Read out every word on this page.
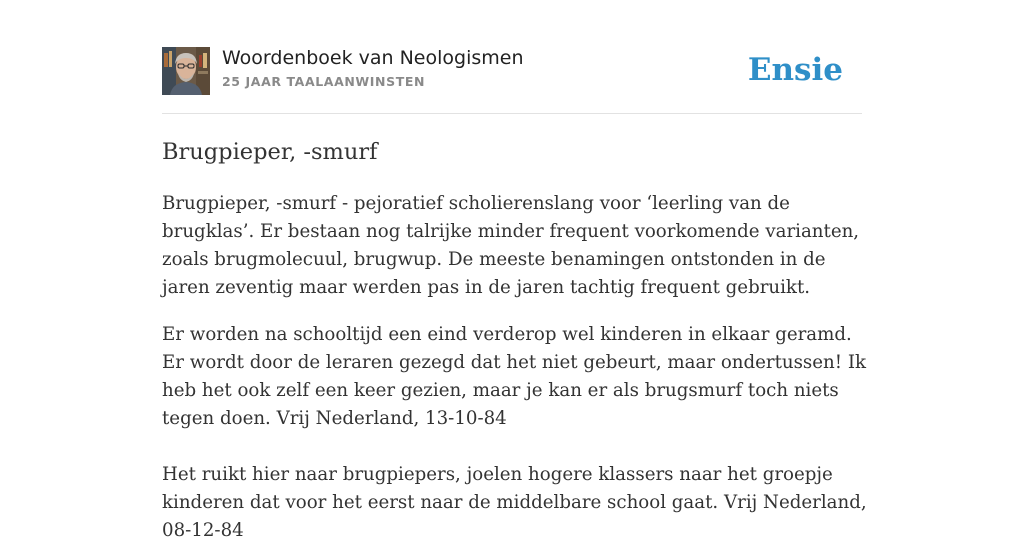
Woordenboek van Neologismen
25 JAAR TAALAANWINSTEN	Ensie
Brugpieper, -smurf

Brugpieper, -smurf - pejoratief scholierenslang voor ‘leerling van de brugklas’. Er bestaan nog talrijke minder frequent voorkomende varianten, zoals brugmolecuul, brugwup. De meeste benamingen ontstonden in de jaren zeventig maar werden pas in de jaren tachtig frequent gebruikt.

Er worden na schooltijd een eind verderop wel kinderen in elkaar geramd. Er wordt door de leraren gezegd dat het niet gebeurt, maar ondertussen! Ik heb het ook zelf een keer gezien, maar je kan er als brugsmurf toch niets tegen doen. Vrij Nederland, 13-10-84

Het ruikt hier naar brugpiepers, joelen hogere klassers naar het groepje kinderen dat voor het eerst naar de middelbare school gaat. Vrij Nederland, 08-12-84
